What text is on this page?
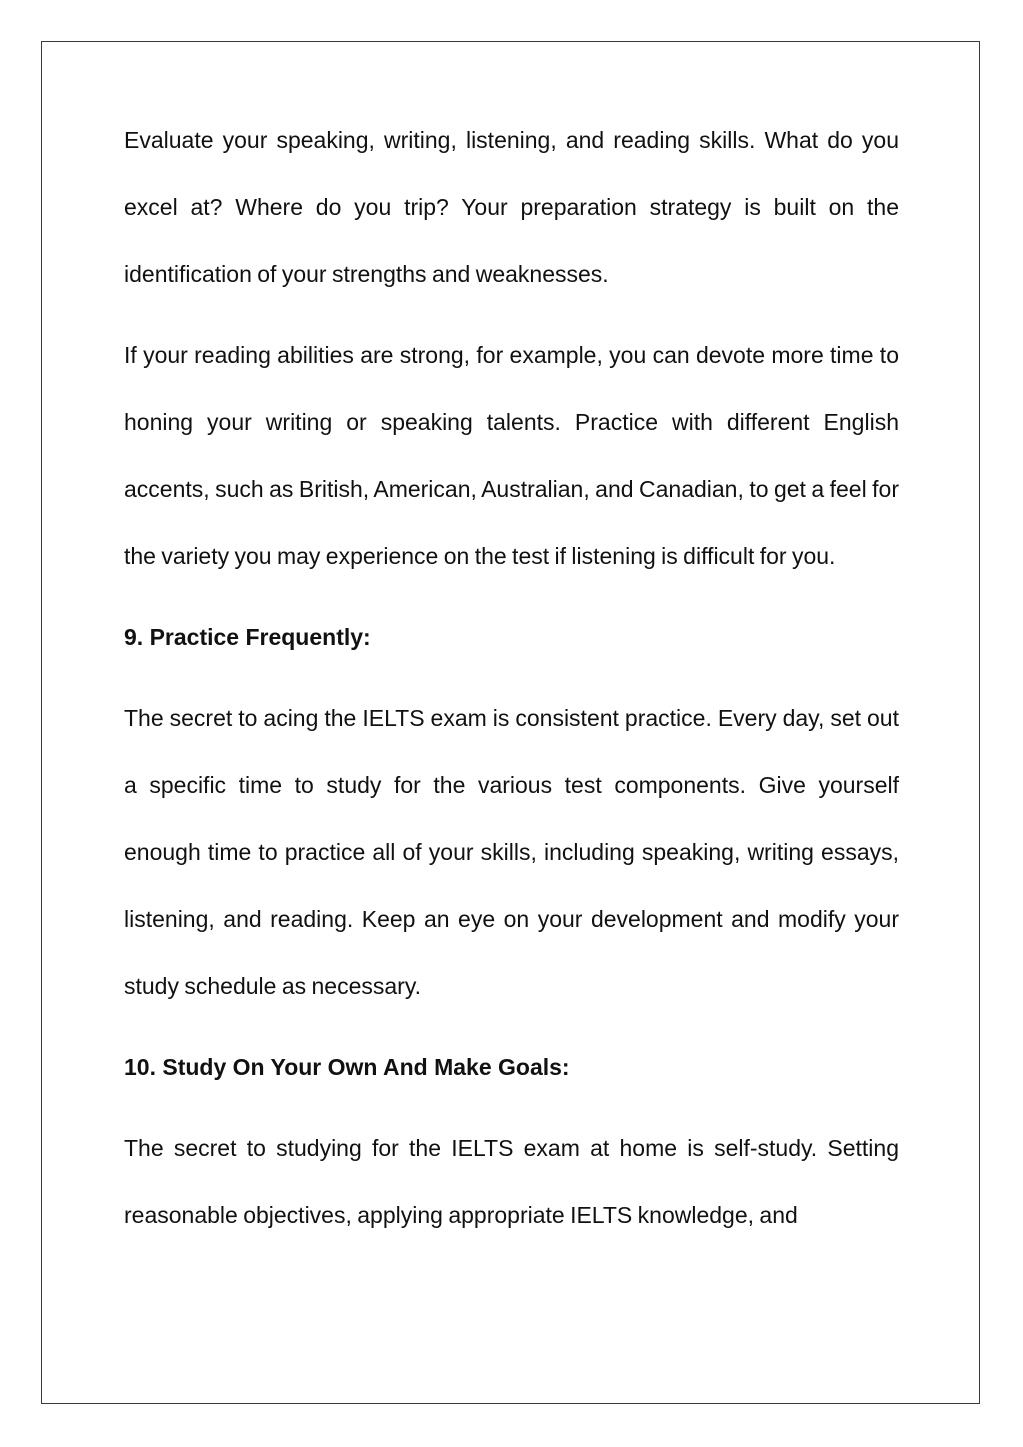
Evaluate your speaking, writing, listening, and reading skills. What do you excel at? Where do you trip? Your preparation strategy is built on the identification of your strengths and weaknesses.

If your reading abilities are strong, for example, you can devote more time to honing your writing or speaking talents. Practice with different English accents, such as British, American, Australian, and Canadian, to get a feel for the variety you may experience on the test if listening is difficult for you.

9. Practice Frequently:

The secret to acing the IELTS exam is consistent practice. Every day, set out a specific time to study for the various test components. Give yourself enough time to practice all of your skills, including speaking, writing essays, listening, and reading. Keep an eye on your development and modify your study schedule as necessary.

10. Study On Your Own And Make Goals:

The secret to studying for the IELTS exam at home is self-study. Setting reasonable objectives, applying appropriate IELTS knowledge, and
